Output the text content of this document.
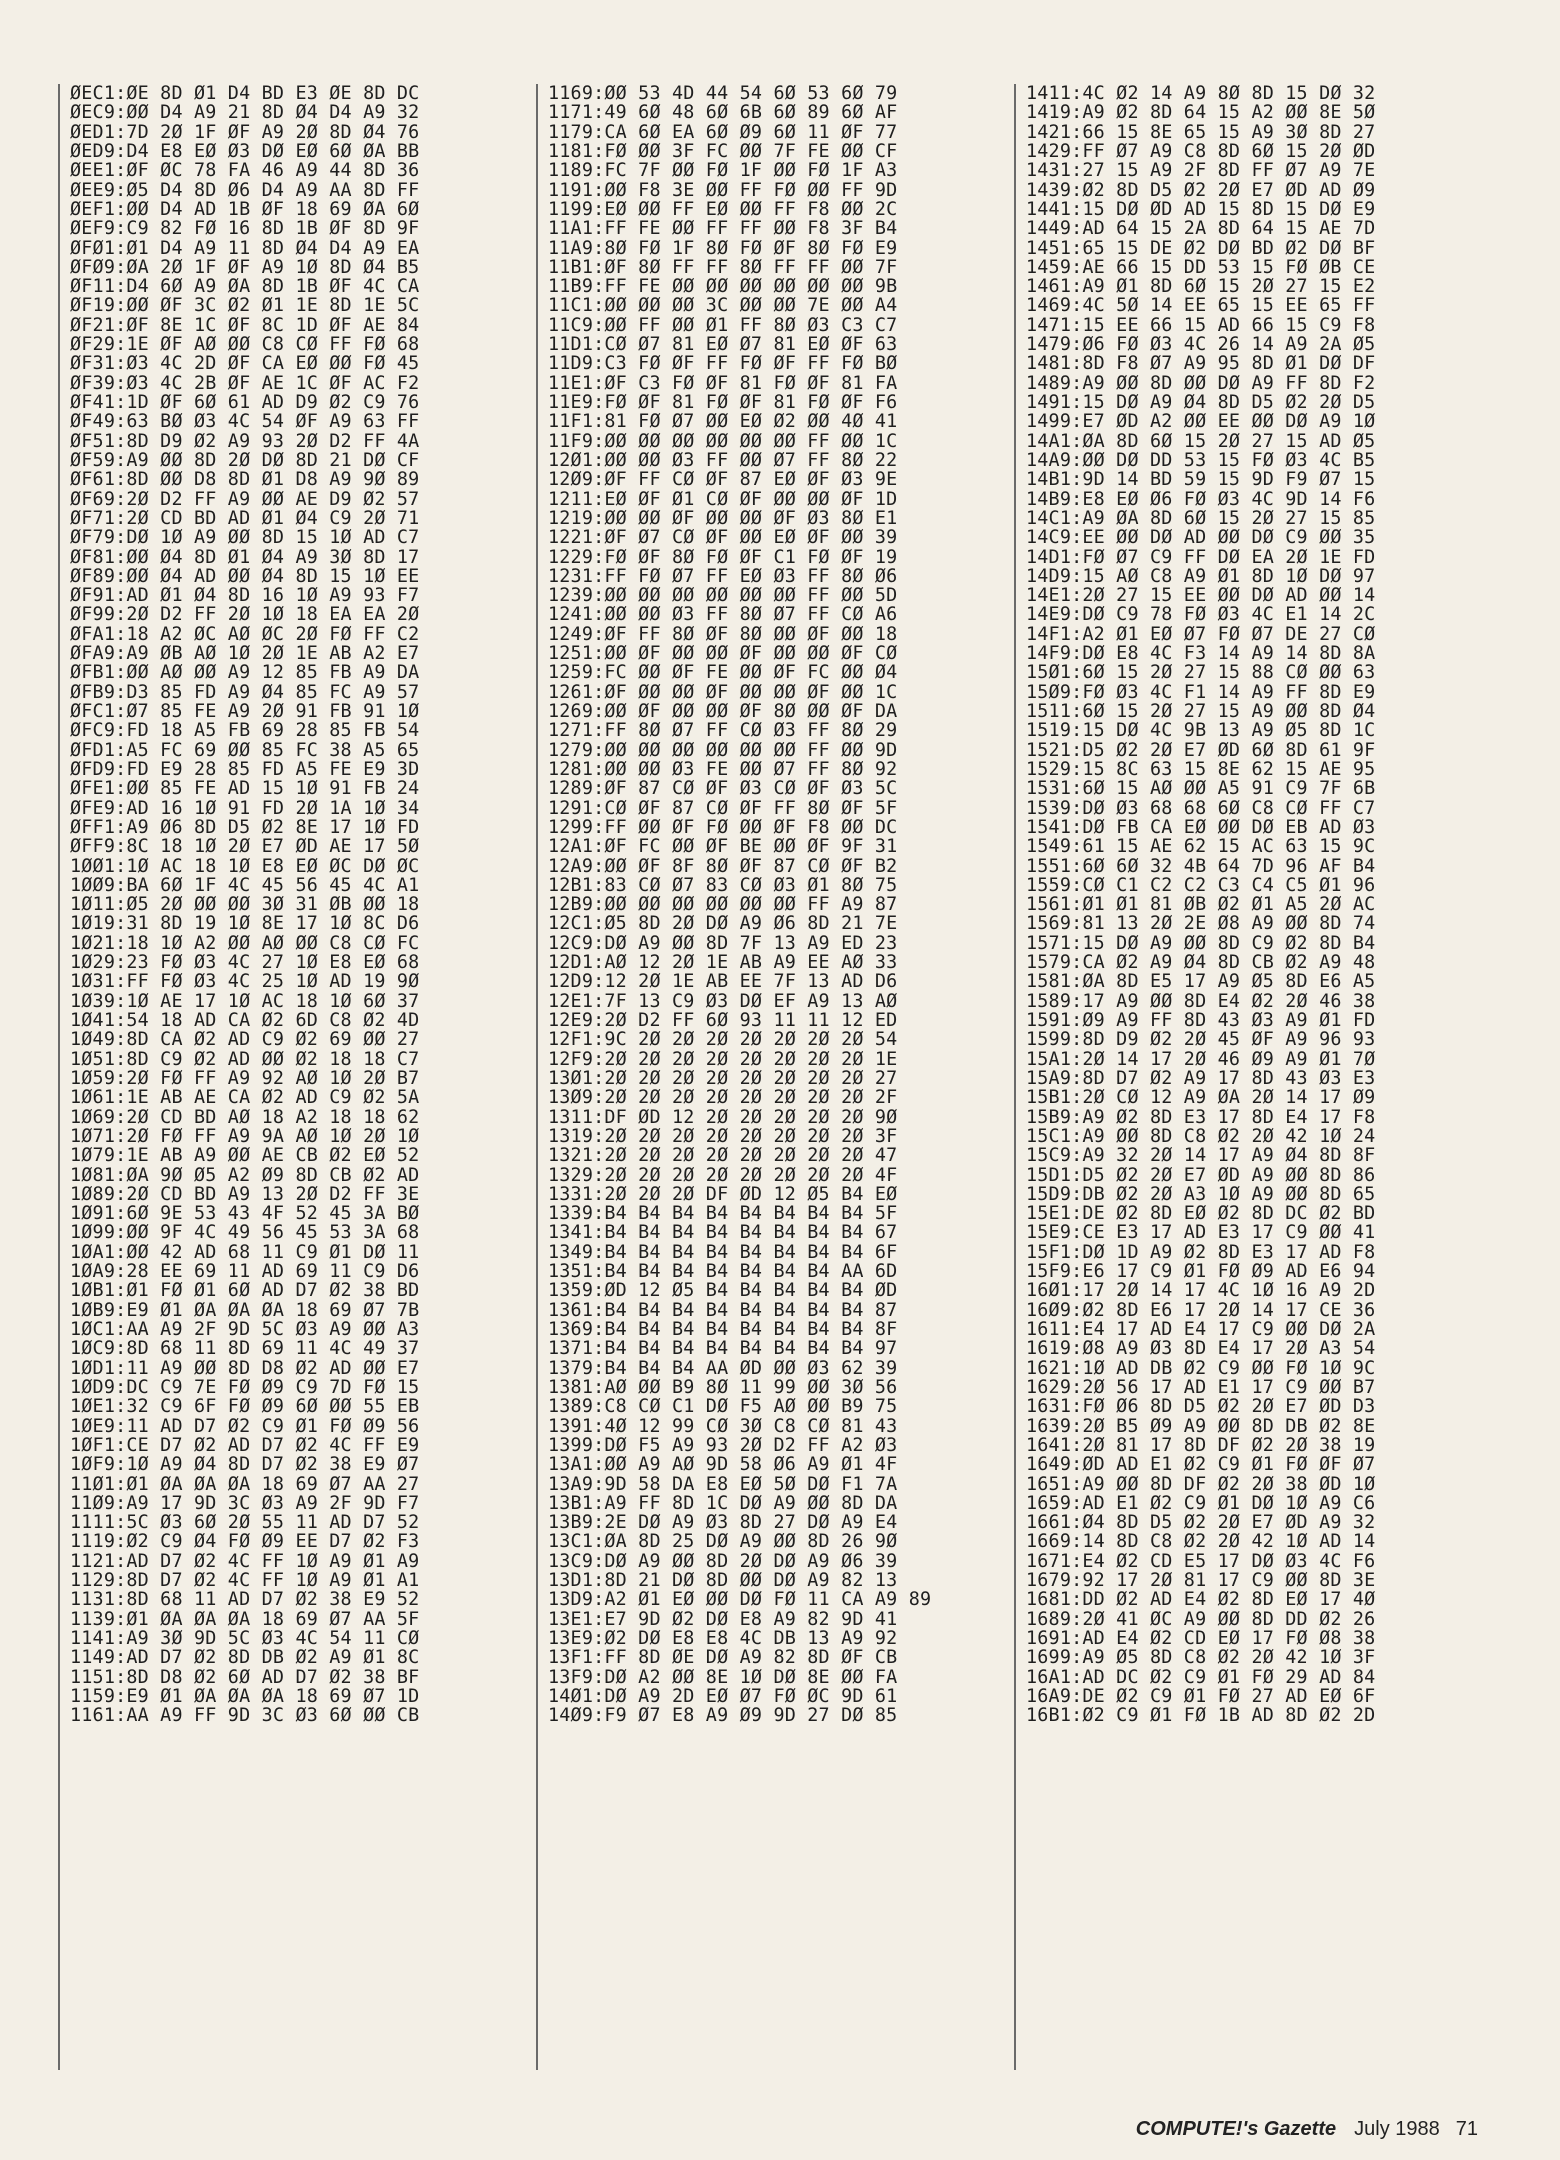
ØEC1:ØE 8D Ø1 D4 BD E3 ØE 8D DC
ØEC9:ØØ D4 A9 21 8D Ø4 D4 A9 32
ØED1:7D 2Ø 1F ØF A9 2Ø 8D Ø4 76
ØED9:D4 E8 EØ Ø3 DØ EØ 6Ø ØA BB
ØEE1:ØF ØC 78 FA 46 A9 44 8D 36
ØEE9:Ø5 D4 8D Ø6 D4 A9 AA 8D FF
ØEF1:ØØ D4 AD 1B ØF 18 69 ØA 6Ø
ØEF9:C9 82 FØ 16 8D 1B ØF 8D 9F
ØFØ1:Ø1 D4 A9 11 8D Ø4 D4 A9 EA
ØFØ9:ØA 2Ø 1F ØF A9 1Ø 8D Ø4 B5
ØF11:D4 6Ø A9 ØA 8D 1B ØF 4C CA
ØF19:ØØ ØF 3C Ø2 Ø1 1E 8D 1E 5C
ØF21:ØF 8E 1C ØF 8C 1D ØF AE 84
ØF29:1E ØF AØ ØØ C8 CØ FF FØ 68
ØF31:Ø3 4C 2D ØF CA EØ ØØ FØ 45
ØF39:Ø3 4C 2B ØF AE 1C ØF AC F2
ØF41:1D ØF 6Ø 61 AD D9 Ø2 C9 76
ØF49:63 BØ Ø3 4C 54 ØF A9 63 FF
ØF51:8D D9 Ø2 A9 93 2Ø D2 FF 4A
ØF59:A9 ØØ 8D 2Ø DØ 8D 21 DØ CF
ØF61:8D ØØ D8 8D Ø1 D8 A9 9Ø 89
ØF69:2Ø D2 FF A9 ØØ AE D9 Ø2 57
ØF71:2Ø CD BD AD Ø1 Ø4 C9 2Ø 71
ØF79:DØ 1Ø A9 ØØ 8D 15 1Ø AD C7
ØF81:ØØ Ø4 8D Ø1 Ø4 A9 3Ø 8D 17
ØF89:ØØ Ø4 AD ØØ Ø4 8D 15 1Ø EE
ØF91:AD Ø1 Ø4 8D 16 1Ø A9 93 F7
ØF99:2Ø D2 FF 2Ø 1Ø 18 EA EA 2Ø
ØFA1:18 A2 ØC AØ ØC 2Ø FØ FF C2
ØFA9:A9 ØB AØ 1Ø 2Ø 1E AB A2 E7
ØFB1:ØØ AØ ØØ A9 12 85 FB A9 DA
ØFB9:D3 85 FD A9 Ø4 85 FC A9 57
ØFC1:Ø7 85 FE A9 2Ø 91 FB 91 1Ø
ØFC9:FD 18 A5 FB 69 28 85 FB 54
ØFD1:A5 FC 69 ØØ 85 FC 38 A5 65
ØFD9:FD E9 28 85 FD A5 FE E9 3D
ØFE1:ØØ 85 FE AD 15 1Ø 91 FB 24
ØFE9:AD 16 1Ø 91 FD 2Ø 1A 1Ø 34
ØFF1:A9 Ø6 8D D5 Ø2 8E 17 1Ø FD
ØFF9:8C 18 1Ø 2Ø E7 ØD AE 17 5Ø
1ØØ1:1Ø AC 18 1Ø E8 EØ ØC DØ ØC
1ØØ9:BA 6Ø 1F 4C 45 56 45 4C A1
1Ø11:Ø5 2Ø ØØ ØØ 3Ø 31 ØB ØØ 18
1Ø19:31 8D 19 1Ø 8E 17 1Ø 8C D6
1Ø21:18 1Ø A2 ØØ AØ ØØ C8 CØ FC
1Ø29:23 FØ Ø3 4C 27 1Ø E8 EØ 68
1Ø31:FF FØ Ø3 4C 25 1Ø AD 19 9Ø
1Ø39:1Ø AE 17 1Ø AC 18 1Ø 6Ø 37
1Ø41:54 18 AD CA Ø2 6D C8 Ø2 4D
1Ø49:8D CA Ø2 AD C9 Ø2 69 ØØ 27
1Ø51:8D C9 Ø2 AD ØØ Ø2 18 18 C7
1Ø59:2Ø FØ FF A9 92 AØ 1Ø 2Ø B7
1Ø61:1E AB AE CA Ø2 AD C9 Ø2 5A
1Ø69:2Ø CD BD AØ 18 A2 18 18 62
1Ø71:2Ø FØ FF A9 9A AØ 1Ø 2Ø 1Ø
1Ø79:1E AB A9 ØØ AE CB Ø2 EØ 52
1Ø81:ØA 9Ø Ø5 A2 Ø9 8D CB Ø2 AD
1Ø89:2Ø CD BD A9 13 2Ø D2 FF 3E
1Ø91:6Ø 9E 53 43 4F 52 45 3A BØ
1Ø99:ØØ 9F 4C 49 56 45 53 3A 68
1ØA1:ØØ 42 AD 68 11 C9 Ø1 DØ 11
1ØA9:28 EE 69 11 AD 69 11 C9 D6
1ØB1:Ø1 FØ Ø1 6Ø AD D7 Ø2 38 BD
1ØB9:E9 Ø1 ØA ØA ØA 18 69 Ø7 7B
1ØC1:AA A9 2F 9D 5C Ø3 A9 ØØ A3
1ØC9:8D 68 11 8D 69 11 4C 49 37
1ØD1:11 A9 ØØ 8D D8 Ø2 AD ØØ E7
1ØD9:DC C9 7E FØ Ø9 C9 7D FØ 15
1ØE1:32 C9 6F FØ Ø9 6Ø ØØ 55 EB
1ØE9:11 AD D7 Ø2 C9 Ø1 FØ Ø9 56
1ØF1:CE D7 Ø2 AD D7 Ø2 4C FF E9
1ØF9:1Ø A9 Ø4 8D D7 Ø2 38 E9 Ø7
11Ø1:Ø1 ØA ØA ØA 18 69 Ø7 AA 27
11Ø9:A9 17 9D 3C Ø3 A9 2F 9D F7
1111:5C Ø3 6Ø 2Ø 55 11 AD D7 52
1119:Ø2 C9 Ø4 FØ Ø9 EE D7 Ø2 F3
1121:AD D7 Ø2 4C FF 1Ø A9 Ø1 A9
1129:8D D7 Ø2 4C FF 1Ø A9 Ø1 A1
1131:8D 68 11 AD D7 Ø2 38 E9 52
1139:Ø1 ØA ØA ØA 18 69 Ø7 AA 5F
1141:A9 3Ø 9D 5C Ø3 4C 54 11 CØ
1149:AD D7 Ø2 8D DB Ø2 A9 Ø1 8C
1151:8D D8 Ø2 6Ø AD D7 Ø2 38 BF
1159:E9 Ø1 ØA ØA ØA 18 69 Ø7 1D
1161:AA A9 FF 9D 3C Ø3 6Ø ØØ CB
1169:ØØ 53 4D 44 54 6Ø 53 6Ø 79
1171:49 6Ø 48 6Ø 6B 6Ø 89 6Ø AF
1179:CA 6Ø EA 6Ø Ø9 6Ø 11 ØF 77
1181:FØ ØØ 3F FC ØØ 7F FE ØØ CF
1189:FC 7F ØØ FØ 1F ØØ FØ 1F A3
1191:ØØ F8 3E ØØ FF FØ ØØ FF 9D
1199:EØ ØØ FF EØ ØØ FF F8 ØØ 2C
11A1:FF FE ØØ FF FF ØØ F8 3F B4
11A9:8Ø FØ 1F 8Ø FØ ØF 8Ø FØ E9
11B1:ØF 8Ø FF FF 8Ø FF FF ØØ 7F
11B9:FF FE ØØ ØØ ØØ ØØ ØØ ØØ 9B
11C1:ØØ ØØ ØØ 3C ØØ ØØ 7E ØØ A4
11C9:ØØ FF ØØ Ø1 FF 8Ø Ø3 C3 C7
11D1:CØ Ø7 81 EØ Ø7 81 EØ ØF 63
11D9:C3 FØ ØF FF FØ ØF FF FØ BØ
11E1:ØF C3 FØ ØF 81 FØ ØF 81 FA
11E9:FØ ØF 81 FØ ØF 81 FØ ØF F6
11F1:81 FØ Ø7 ØØ EØ Ø2 ØØ 4Ø 41
11F9:ØØ ØØ ØØ ØØ ØØ ØØ FF ØØ 1C
12Ø1:ØØ ØØ Ø3 FF ØØ Ø7 FF 8Ø 22
12Ø9:ØF FF CØ ØF 87 EØ ØF Ø3 9E
1211:EØ ØF Ø1 CØ ØF ØØ ØØ ØF 1D
1219:ØØ ØØ ØF ØØ ØØ ØF Ø3 8Ø E1
1221:ØF Ø7 CØ ØF ØØ EØ ØF ØØ 39
1229:FØ ØF 8Ø FØ ØF C1 FØ ØF 19
1231:FF FØ Ø7 FF EØ Ø3 FF 8Ø Ø6
1239:ØØ ØØ ØØ ØØ ØØ ØØ FF ØØ 5D
1241:ØØ ØØ Ø3 FF 8Ø Ø7 FF CØ A6
1249:ØF FF 8Ø ØF 8Ø ØØ ØF ØØ 18
1251:ØØ ØF ØØ ØØ ØF ØØ ØØ ØF CØ
1259:FC ØØ ØF FE ØØ ØF FC ØØ Ø4
1261:ØF ØØ ØØ ØF ØØ ØØ ØF ØØ 1C
1269:ØØ ØF ØØ ØØ ØF 8Ø ØØ ØF DA
1271:FF 8Ø Ø7 FF CØ Ø3 FF 8Ø 29
1279:ØØ ØØ ØØ ØØ ØØ ØØ FF ØØ 9D
1281:ØØ ØØ Ø3 FE ØØ Ø7 FF 8Ø 92
1289:ØF 87 CØ ØF Ø3 CØ ØF Ø3 5C
1291:CØ ØF 87 CØ ØF FF 8Ø ØF 5F
1299:FF ØØ ØF FØ ØØ ØF F8 ØØ DC
12A1:ØF FC ØØ ØF BE ØØ ØF 9F 31
12A9:ØØ ØF 8F 8Ø ØF 87 CØ ØF B2
12B1:83 CØ Ø7 83 CØ Ø3 Ø1 8Ø 75
12B9:ØØ ØØ ØØ ØØ ØØ ØØ FF A9 87
12C1:Ø5 8D 2Ø DØ A9 Ø6 8D 21 7E
12C9:DØ A9 ØØ 8D 7F 13 A9 ED 23
12D1:AØ 12 2Ø 1E AB A9 EE AØ 33
12D9:12 2Ø 1E AB EE 7F 13 AD D6
12E1:7F 13 C9 Ø3 DØ EF A9 13 AØ
12E9:2Ø D2 FF 6Ø 93 11 11 12 ED
12F1:9C 2Ø 2Ø 2Ø 2Ø 2Ø 2Ø 2Ø 54
12F9:2Ø 2Ø 2Ø 2Ø 2Ø 2Ø 2Ø 2Ø 1E
13Ø1:2Ø 2Ø 2Ø 2Ø 2Ø 2Ø 2Ø 2Ø 27
13Ø9:2Ø 2Ø 2Ø 2Ø 2Ø 2Ø 2Ø 2Ø 2F
1311:DF ØD 12 2Ø 2Ø 2Ø 2Ø 2Ø 9Ø
1319:2Ø 2Ø 2Ø 2Ø 2Ø 2Ø 2Ø 2Ø 3F
1321:2Ø 2Ø 2Ø 2Ø 2Ø 2Ø 2Ø 2Ø 47
1329:2Ø 2Ø 2Ø 2Ø 2Ø 2Ø 2Ø 2Ø 4F
1331:2Ø 2Ø 2Ø DF ØD 12 Ø5 B4 EØ
1339:B4 B4 B4 B4 B4 B4 B4 B4 5F
1341:B4 B4 B4 B4 B4 B4 B4 B4 67
1349:B4 B4 B4 B4 B4 B4 B4 B4 6F
1351:B4 B4 B4 B4 B4 B4 B4 AA 6D
1359:ØD 12 Ø5 B4 B4 B4 B4 B4 ØD
1361:B4 B4 B4 B4 B4 B4 B4 B4 87
1369:B4 B4 B4 B4 B4 B4 B4 B4 8F
1371:B4 B4 B4 B4 B4 B4 B4 B4 97
1379:B4 B4 B4 AA ØD ØØ Ø3 62 39
1381:AØ ØØ B9 8Ø 11 99 ØØ 3Ø 56
1389:C8 CØ C1 DØ F5 AØ ØØ B9 75
1391:4Ø 12 99 CØ 3Ø C8 CØ 81 43
1399:DØ F5 A9 93 2Ø D2 FF A2 Ø3
13A1:ØØ A9 AØ 9D 58 Ø6 A9 Ø1 4F
13A9:9D 58 DA E8 EØ 5Ø DØ F1 7A
13B1:A9 FF 8D 1C DØ A9 ØØ 8D DA
13B9:2E DØ A9 Ø3 8D 27 DØ A9 E4
13C1:ØA 8D 25 DØ A9 ØØ 8D 26 9Ø
13C9:DØ A9 ØØ 8D 2Ø DØ A9 Ø6 39
13D1:8D 21 DØ 8D ØØ DØ A9 82 13
13D9:A2 Ø1 EØ ØØ DØ FØ 11 CA A9 89
13E1:E7 9D Ø2 DØ E8 A9 82 9D 41
13E9:Ø2 DØ E8 E8 4C DB 13 A9 92
13F1:FF 8D ØE DØ A9 82 8D ØF CB
13F9:DØ A2 ØØ 8E 1Ø DØ 8E ØØ FA
14Ø1:DØ A9 2D EØ Ø7 FØ ØC 9D 61
14Ø9:F9 Ø7 E8 A9 Ø9 9D 27 DØ 85
1411:4C Ø2 14 A9 8Ø 8D 15 DØ 32
1419:A9 Ø2 8D 64 15 A2 ØØ 8E 5Ø
1421:66 15 8E 65 15 A9 3Ø 8D 27
1429:FF Ø7 A9 C8 8D 6Ø 15 2Ø ØD
1431:27 15 A9 2F 8D FF Ø7 A9 7E
1439:Ø2 8D D5 Ø2 2Ø E7 ØD AD Ø9
1441:15 DØ ØD AD 15 8D 15 DØ E9
1449:AD 64 15 2A 8D 64 15 AE 7D
1451:65 15 DE Ø2 DØ BD Ø2 DØ BF
1459:AE 66 15 DD 53 15 FØ ØB CE
1461:A9 Ø1 8D 6Ø 15 2Ø 27 15 E2
1469:4C 5Ø 14 EE 65 15 EE 65 FF
1471:15 EE 66 15 AD 66 15 C9 F8
1479:Ø6 FØ Ø3 4C 26 14 A9 2A Ø5
1481:8D F8 Ø7 A9 95 8D Ø1 DØ DF
1489:A9 ØØ 8D ØØ DØ A9 FF 8D F2
1491:15 DØ A9 Ø4 8D D5 Ø2 2Ø D5
1499:E7 ØD A2 ØØ EE ØØ DØ A9 1Ø
14A1:ØA 8D 6Ø 15 2Ø 27 15 AD Ø5
14A9:ØØ DØ DD 53 15 FØ Ø3 4C B5
14B1:9D 14 BD 59 15 9D F9 Ø7 15
14B9:E8 EØ Ø6 FØ Ø3 4C 9D 14 F6
14C1:A9 ØA 8D 6Ø 15 2Ø 27 15 85
14C9:EE ØØ DØ AD ØØ DØ C9 ØØ 35
14D1:FØ Ø7 C9 FF DØ EA 2Ø 1E FD
14D9:15 AØ C8 A9 Ø1 8D 1Ø DØ 97
14E1:2Ø 27 15 EE ØØ DØ AD ØØ 14
14E9:DØ C9 78 FØ Ø3 4C E1 14 2C
14F1:A2 Ø1 EØ Ø7 FØ Ø7 DE 27 CØ
14F9:DØ E8 4C F3 14 A9 14 8D 8A
15Ø1:6Ø 15 2Ø 27 15 88 CØ ØØ 63
15Ø9:FØ Ø3 4C F1 14 A9 FF 8D E9
1511:6Ø 15 2Ø 27 15 A9 ØØ 8D Ø4
1519:15 DØ 4C 9B 13 A9 Ø5 8D 1C
1521:D5 Ø2 2Ø E7 ØD 6Ø 8D 61 9F
1529:15 8C 63 15 8E 62 15 AE 95
1531:6Ø 15 AØ ØØ A5 91 C9 7F 6B
1539:DØ Ø3 68 68 6Ø C8 CØ FF C7
1541:DØ FB CA EØ ØØ DØ EB AD Ø3
1549:61 15 AE 62 15 AC 63 15 9C
1551:6Ø 6Ø 32 4B 64 7D 96 AF B4
1559:CØ C1 C2 C2 C3 C4 C5 Ø1 96
1561:Ø1 Ø1 81 ØB Ø2 Ø1 A5 2Ø AC
1569:81 13 2Ø 2E Ø8 A9 ØØ 8D 74
1571:15 DØ A9 ØØ 8D C9 Ø2 8D B4
1579:CA Ø2 A9 Ø4 8D CB Ø2 A9 48
1581:ØA 8D E5 17 A9 Ø5 8D E6 A5
1589:17 A9 ØØ 8D E4 Ø2 2Ø 46 38
1591:Ø9 A9 FF 8D 43 Ø3 A9 Ø1 FD
1599:8D D9 Ø2 2Ø 45 ØF A9 96 93
15A1:2Ø 14 17 2Ø 46 Ø9 A9 Ø1 7Ø
15A9:8D D7 Ø2 A9 17 8D 43 Ø3 E3
15B1:2Ø CØ 12 A9 ØA 2Ø 14 17 Ø9
15B9:A9 Ø2 8D E3 17 8D E4 17 F8
15C1:A9 ØØ 8D C8 Ø2 2Ø 42 1Ø 24
15C9:A9 32 2Ø 14 17 A9 Ø4 8D 8F
15D1:D5 Ø2 2Ø E7 ØD A9 ØØ 8D 86
15D9:DB Ø2 2Ø A3 1Ø A9 ØØ 8D 65
15E1:DE Ø2 8D EØ Ø2 8D DC Ø2 BD
15E9:CE E3 17 AD E3 17 C9 ØØ 41
15F1:DØ 1D A9 Ø2 8D E3 17 AD F8
15F9:E6 17 C9 Ø1 FØ Ø9 AD E6 94
16Ø1:17 2Ø 14 17 4C 1Ø 16 A9 2D
16Ø9:Ø2 8D E6 17 2Ø 14 17 CE 36
1611:E4 17 AD E4 17 C9 ØØ DØ 2A
1619:Ø8 A9 Ø3 8D E4 17 2Ø A3 54
1621:1Ø AD DB Ø2 C9 ØØ FØ 1Ø 9C
1629:2Ø 56 17 AD E1 17 C9 ØØ B7
1631:FØ Ø6 8D D5 Ø2 2Ø E7 ØD D3
1639:2Ø B5 Ø9 A9 ØØ 8D DB Ø2 8E
1641:2Ø 81 17 8D DF Ø2 2Ø 38 19
1649:ØD AD E1 Ø2 C9 Ø1 FØ ØF Ø7
1651:A9 ØØ 8D DF Ø2 2Ø 38 ØD 1Ø
1659:AD E1 Ø2 C9 Ø1 DØ 1Ø A9 C6
1661:Ø4 8D D5 Ø2 2Ø E7 ØD A9 32
1669:14 8D C8 Ø2 2Ø 42 1Ø AD 14
1671:E4 Ø2 CD E5 17 DØ Ø3 4C F6
1679:92 17 2Ø 81 17 C9 ØØ 8D 3E
1681:DD Ø2 AD E4 Ø2 8D EØ 17 4Ø
1689:2Ø 41 ØC A9 ØØ 8D DD Ø2 26
1691:AD E4 Ø2 CD EØ 17 FØ Ø8 38
1699:A9 Ø5 8D C8 Ø2 2Ø 42 1Ø 3F
16A1:AD DC Ø2 C9 Ø1 FØ 29 AD 84
16A9:DE Ø2 C9 Ø1 FØ 27 AD EØ 6F
16B1:Ø2 C9 Ø1 FØ 1B AD 8D Ø2 2D
COMPUTE!'s Gazette July 1988 71
